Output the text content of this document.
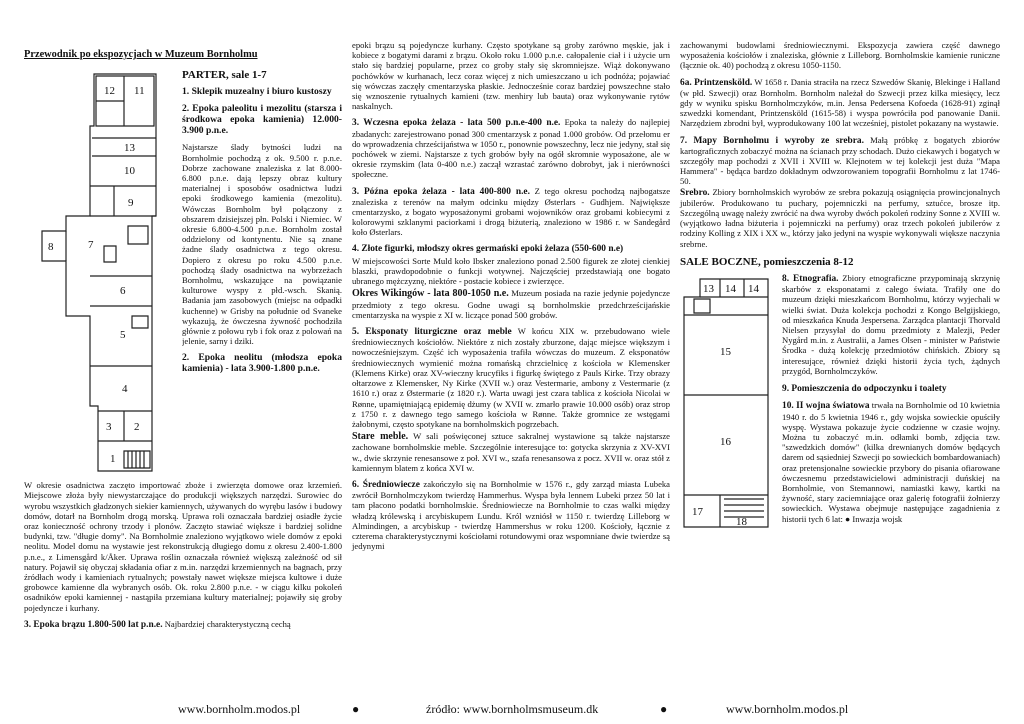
Przewodnik po ekspozycjach w Muzeum Bornholmu
12 11
13
10
9
8	7
6
5
4
3 2
1
PARTER, sale 1-7

1. Sklepik muzealny i biuro kustoszy

2. Epoka paleolitu i mezolitu (starsza i środkowa epoka kamienia) 12.000-3.900 p.n.e.

Najstarsze ślady bytności ludzi na Bornholmie pochodzą z ok. 9.500 r. p.n.e. Dobrze zachowane znaleziska z lat 8.000-6.800 p.n.e. dają lepszy obraz kultury materialnej i sposobów osadnictwa ludzi epoki środkowego kamienia (mezolitu). Wówczas Bornholm był połączony z obszarem dzisiejszej płn. Polski i Niemiec. W okresie 6.800-4.500 p.n.e. Bornholm został oddzielony od kontynentu. Nie są znane żadne ślady osadnictwa z tego okresu. Dopiero z okresu po roku 4.500 p.n.e. pochodzą ślady osadnictwa na wybrzeżach Bornholmu, wskazujące na powiązanie kulturowe wyspy z płd.-wsch. Skanią. Badania jam zasobowych (miejsc na odpadki kuchenne) w Grisby na południe od Svaneke wykazują, że ówczesna żywność pochodziła głównie z połowu ryb i fok oraz z polowań na jelenie, sarny i dziki.

2. Epoka neolitu (młodsza epoka kamienia) - lata 3.900-1.800 p.n.e.

W okresie osadnictwa zaczęto importować zboże i zwierzęta domowe oraz krzemień. Miejscowe złoża były niewystarczające do produkcji większych narzędzi. Surowiec do wyrobu wszystkich gładzonych siekier kamiennych, używanych do wyrębu lasów i budowy domów, dotarł na Bornholm drogą morską. Uprawa roli oznaczała bardziej osiadłe życie oraz konieczność ochrony trzody i plonów. Zaczęto stawiać większe i bardziej solidne budynki, tzw. "długie domy". Na Bornholmie znaleziono wyjątkowo wiele domów z epoki neolitu. Model domu na wystawie jest rekonstrukcją długiego domu z okresu 2.400-1.800 p.n.e., z Limensgård k/Åker. Uprawa roślin oznaczała również większą zależność od sił natury. Pojawił się obyczaj składania ofiar z m.in. narzędzi krzemiennych na bagnach, przy źródłach wody i kamieniach rytualnych; powstały nawet większe miejsca kultowe i duże grobowce kamienne dla wybranych osób. Ok. roku 2.800 p.n.e. - w ciągu kilku pokoleń osadników epoki kamiennej - nastąpiła przemiana kultury materialnej; pojawiły się groby pojedyncze i kurhany.

3. Epoka brązu 1.800-500 lat p.n.e. Najbardziej charakterystyczną cechą

epoki brązu są pojedyncze kurhany. Często spotykane są groby zarówno męskie, jak i kobiece z bogatymi darami z brązu. Około roku 1.000 p.n.e. całopalenie ciał i i użycie urn stało się bardziej popularne, przez co groby stały się skromniejsze. Wiąż dokonywano pochówków w kurhanach, lecz coraz więcej z nich umieszczano u ich podnóża; pojawiać się wówczas zaczęły cmentarzyska płaskie. Jednocześnie coraz bardziej powszechne stało się wznoszenie rytualnych kamieni (tzw. menhiry lub bauta) oraz wykonywanie rytów naskalnych.

3. Wczesna epoka żelaza - lata 500 p.n.e-400 n.e. Epoka ta należy do najlepiej zbadanych: zarejestrowano ponad 300 cmentarzysk z ponad 1.000 grobów. Od przełomu er do wprowadzenia chrześcijaństwa w 1050 r., ponownie powszechny, lecz nie jedyny, stał się pochówek w ziemi. Najstarsze z tych grobów były na ogół skromnie wyposażone, ale w okresie rzymskim (lata 0-400 n.e.) zaczął wzrastać zarówno dobrobyt, jak i nierówności społeczne.

3. Późna epoka żelaza - lata 400-800 n.e. Z tego okresu pochodzą najbogatsze znaleziska z terenów na małym odcinku między Østerlars - Gudhjem. Największe cmentarzysko, z bogato wyposażonymi grobami wojowników oraz grobami kobiecymi z kolorowymi szklanymi paciorkami i drogą biżuterią, znaleziono w 1986 r. w Sandegård koło Østerlars.

4. Złote figurki, młodszy okres germański epoki żelaza (550-600 n.e)

W miejscowości Sorte Muld koło Ibsker znaleziono ponad 2.500 figurek ze złotej cienkiej blaszki, prawdopodobnie o funkcji wotywnej. Najczęściej przedstawiają one bogato ubranego mężczyznę, niektóre - postacie kobiece i zwierzęce.

Okres Wikingów - lata 800-1050 n.e. Muzeum posiada na razie jedynie pojedyncze przedmioty z tego okresu. Godne uwagi są bornholmskie przedchrześcijańskie cmentarzyska na wyspie z XI w. liczące ponad 500 grobów.

5. Eksponaty liturgiczne oraz meble W końcu XIX w. przebudowano wiele średniowiecznych kościołów. Niektóre z nich zostały zburzone, dając miejsce większym i nowocześniejszym. Część ich wyposażenia trafiła wówczas do muzeum. Z eksponatów średniowiecznych wymienić można romańską chrzcielnicę z kościoła w Klemensker (Klemens Kirke) oraz XV-wieczny krucyfiks i figurkę świętego z Pauls Kirke. Trzy obrazy ołtarzowe z Klemensker, Ny Kirke (XVII w.) oraz Vestermarie, ambony z Vestermarie (z 1610 r.) oraz z Østermarie (z 1820 r.). Warta uwagi jest czara tablica z kościoła Nicolai w Rønne, upamiętniającą epidemię dżumy (w XVII w. zmarło prawie 10.000 osób) oraz strop z 1750 r. z dawnego tego samego kościoła w Rønne. Także gromnice ze wstęgami żałobnymi, często spotykane na bornholmskich pogrzebach.

Stare meble. W sali poświęconej sztuce sakralnej wystawione są także najstarsze zachowane bornholmskie meble. Szczególnie interesujące to: gotycka skrzynia z XV-XVI w., dwie skrzynie renesansowe z poł. XVI w., szafa renesansowa z pocz. XVII w. oraz stół z kamiennym blatem z końca XVI w.

6. Średniowiecze zakończyło się na Bornholmie w 1576 r., gdy zarząd miasta Lubeka zwrócił Bornholmczykom twierdzę Hammerhus. Wyspa była lennem Lubeki przez 50 lat i tam płacono podatki bornholmskie. Średniowiecze na Bornholmie to czas walki między władzą królewską i arcybiskupem Lundu. Król wzniósł w 1150 r. twierdzę Lilleborg w Almindingen, a arcybiskup - twierdzę Hammershus w roku 1200. Kościoły, łącznie z czterema charakterystycznymi kościołami rotundowymi oraz wspomniane dwie twierdze są jedynymi

zachowanymi budowlami średniowiecznymi. Ekspozycja zawiera część dawnego wyposażenia kościołów i znaleziska, głównie z Lilleborg. Bornholmskie kamienie runiczne (łącznie ok. 40) pochodzą z okresu 1050-1150.

6a. Printzensköld. W 1658 r. Dania straciła na rzecz Szwedów Skanię, Blekinge i Halland (w płd. Szwecji) oraz Bornholm. Bornholm należał do Szwecji przez kilka miesięcy, lecz gdy w wyniku spisku Bornholmczyków, m.in. Jensa Pedersena Kofoeda (1628-91) zginął szwedzki komendant, Printzensköld (1615-58) i wyspa powróciła pod panowanie Danii. Narzędziem zbrodni był, wyprodukowany 100 lat wcześniej, pistolet pokazany na wystawie.

7. Mapy Bornholmu i wyroby ze srebra. Małą próbkę z bogatych zbiorów kartograficznych zobaczyć można na ścianach przy schodach. Dużo ciekawych i bogatych w szczegóły map pochodzi z XVII i XVIII w. Klejnotem w tej kolekcji jest duża "Mapa Hammera" - będąca bardzo dokładnym odwzorowaniem topografii Bornholmu z lat 1746-50.

Srebro. Zbiory bornholmskich wyrobów ze srebra pokazują osiągnięcia prowincjonalnych jubilerów. Produkowano tu puchary, pojemniczki na perfumy, sztućce, brosze itp. Szczególną uwagę należy zwrócić na dwa wyroby dwóch pokoleń rodziny Sonne z XVIII w. (wyjątkowo ładna biżuteria i pojemniczki na perfumy) oraz trzech pokoleń jubilerów z rodziny Kolling z XIX i XX w., którzy jako jedyni na wyspie wykonywali większe naczynia srebrne.

SALE BOCZNE, pomieszczenia 8-12
13 14 14
15
16
17
18

8. Etnografia. Zbiory etnograficzne przypominają skrzynię skarbów z eksponatami z całego świata. Trafiły one do muzeum dzięki mieszkańcom Bornholmu, którzy wyjechali w wielki świat. Duża kolekcja pochodzi z Kongo Belgijskiego, od mieszkańca Knuda Jespersena. Zarządca plantacji Thorvald Nielsen przysyłał do domu przedmioty z Malezji, Peder Nygård m.in. z Australii, a James Olsen - minister w Państwie Środka - dużą kolekcję przedmiotów chińskich. Zbiory są interesujące, również dzięki historii życia tych, żądnych przygód, Bornholmczyków.

9. Pomieszczenia do odpoczynku i toalety

10. II wojna światowa trwała na Bornholmie od 10 kwietnia 1940 r. do 5 kwietnia 1946 r., gdy wojska sowieckie opuściły wyspę. Wystawa pokazuje życie codzienne w czasie wojny. Można tu zobaczyć m.in. odłamki bomb, zdjęcia tzw. "szwedzkich domów" (kilka drewnianych domów będących darem od sąsiedniej Szwecji po sowieckich bombardowaniach) oraz pretensjonalne sowieckie przybory do pisania ofiarowane ówczesnemu przedstawicielowi administracji duńskiej na Bornholmie, von Stemannowi, namiastki kawy, kartki na żywność, stary zaciemniające oraz galerię fotografii żołnierzy sowieckich. Wystawa obejmuje następujące zagadnienia z historii tych 6 lat: ● Inwazja wojsk

www.bornholm.modos.pl	●	źródło: www.bornholmsmuseum.dk	●	www.bornholm.modos.pl
